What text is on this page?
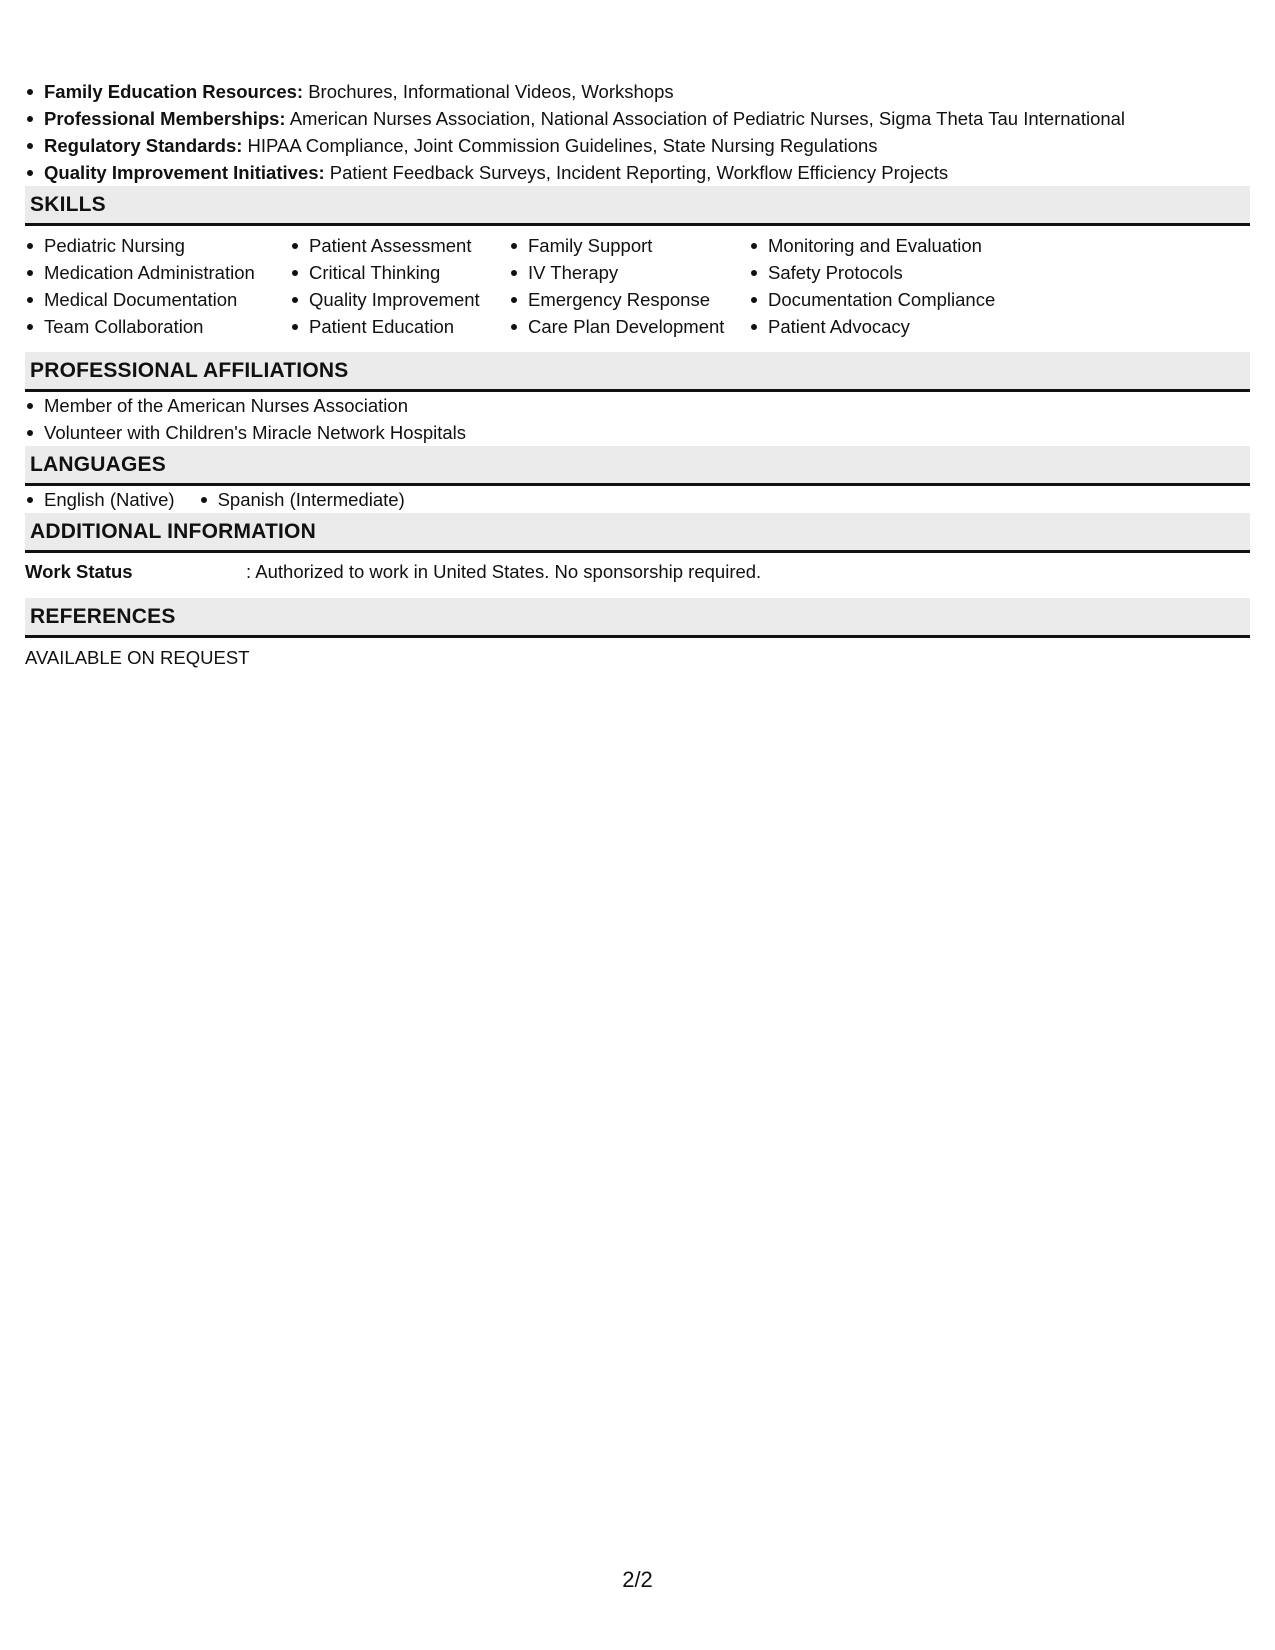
Family Education Resources: Brochures, Informational Videos, Workshops
Professional Memberships: American Nurses Association, National Association of Pediatric Nurses, Sigma Theta Tau International
Regulatory Standards: HIPAA Compliance, Joint Commission Guidelines, State Nursing Regulations
Quality Improvement Initiatives: Patient Feedback Surveys, Incident Reporting, Workflow Efficiency Projects
SKILLS
Pediatric Nursing
Medication Administration
Medical Documentation
Team Collaboration
Patient Assessment
Critical Thinking
Quality Improvement
Patient Education
Family Support
IV Therapy
Emergency Response
Care Plan Development
Monitoring and Evaluation
Safety Protocols
Documentation Compliance
Patient Advocacy
PROFESSIONAL AFFILIATIONS
Member of the American Nurses Association
Volunteer with Children's Miracle Network Hospitals
LANGUAGES
English (Native)	Spanish (Intermediate)
ADDITIONAL INFORMATION
Work Status	: Authorized to work in United States. No sponsorship required.
REFERENCES
AVAILABLE ON REQUEST
2/2
